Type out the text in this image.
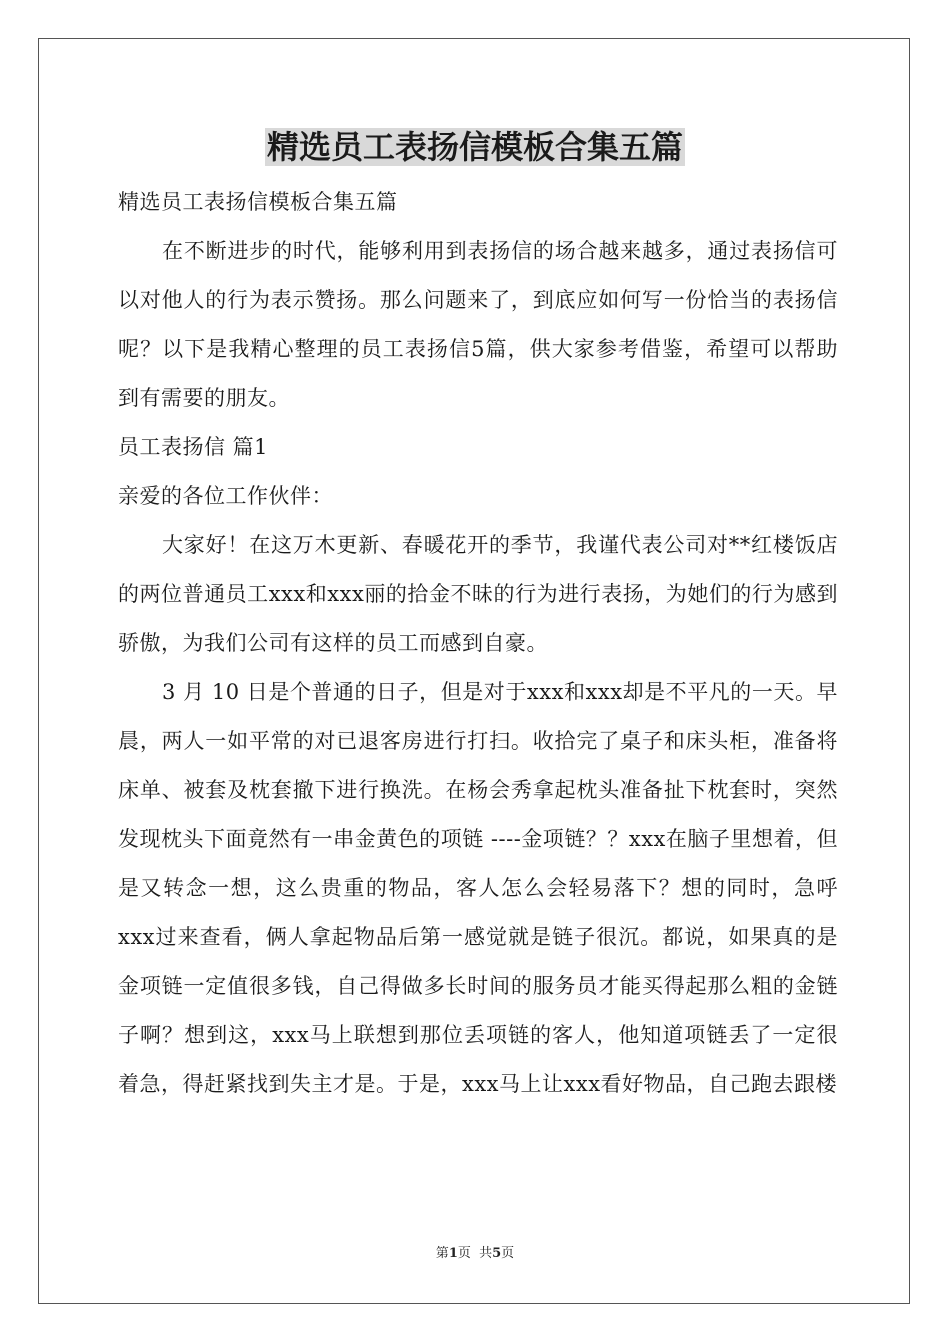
精选员工表扬信模板合集五篇

精选员工表扬信模板合集五篇

在不断进步的时代，能够利用到表扬信的场合越来越多，通过表扬信可以对他人的行为表示赞扬。那么问题来了，到底应如何写一份恰当的表扬信呢？以下是我精心整理的员工表扬信5篇，供大家参考借鉴，希望可以帮助到有需要的朋友。

员工表扬信 篇1

亲爱的各位工作伙伴：

大家好！在这万木更新、春暖花开的季节，我谨代表公司对**红楼饭店的两位普通员工xxx和xxx丽的拾金不昧的行为进行表扬，为她们的行为感到骄傲，为我们公司有这样的员工而感到自豪。

3 月 10 日是个普通的日子，但是对于xxx和xxx却是不平凡的一天。早晨，两人一如平常的对已退客房进行打扫。收拾完了桌子和床头柜，准备将床单、被套及枕套撤下进行换洗。在杨会秀拿起枕头准备扯下枕套时，突然发现枕头下面竟然有一串金黄色的项链 ----金项链？？xxx在脑子里想着，但是又转念一想，这么贵重的物品，客人怎么会轻易落下？想的同时，急呼xxx过来查看，俩人拿起物品后第一感觉就是链子很沉。都说，如果真的是金项链一定值很多钱，自己得做多长时间的服务员才能买得起那么粗的金链子啊？想到这，xxx马上联想到那位丢项链的客人，他知道项链丢了一定很着急，得赶紧找到失主才是。于是，xxx马上让xxx看好物品，自己跑去跟楼

第1页  共5页
